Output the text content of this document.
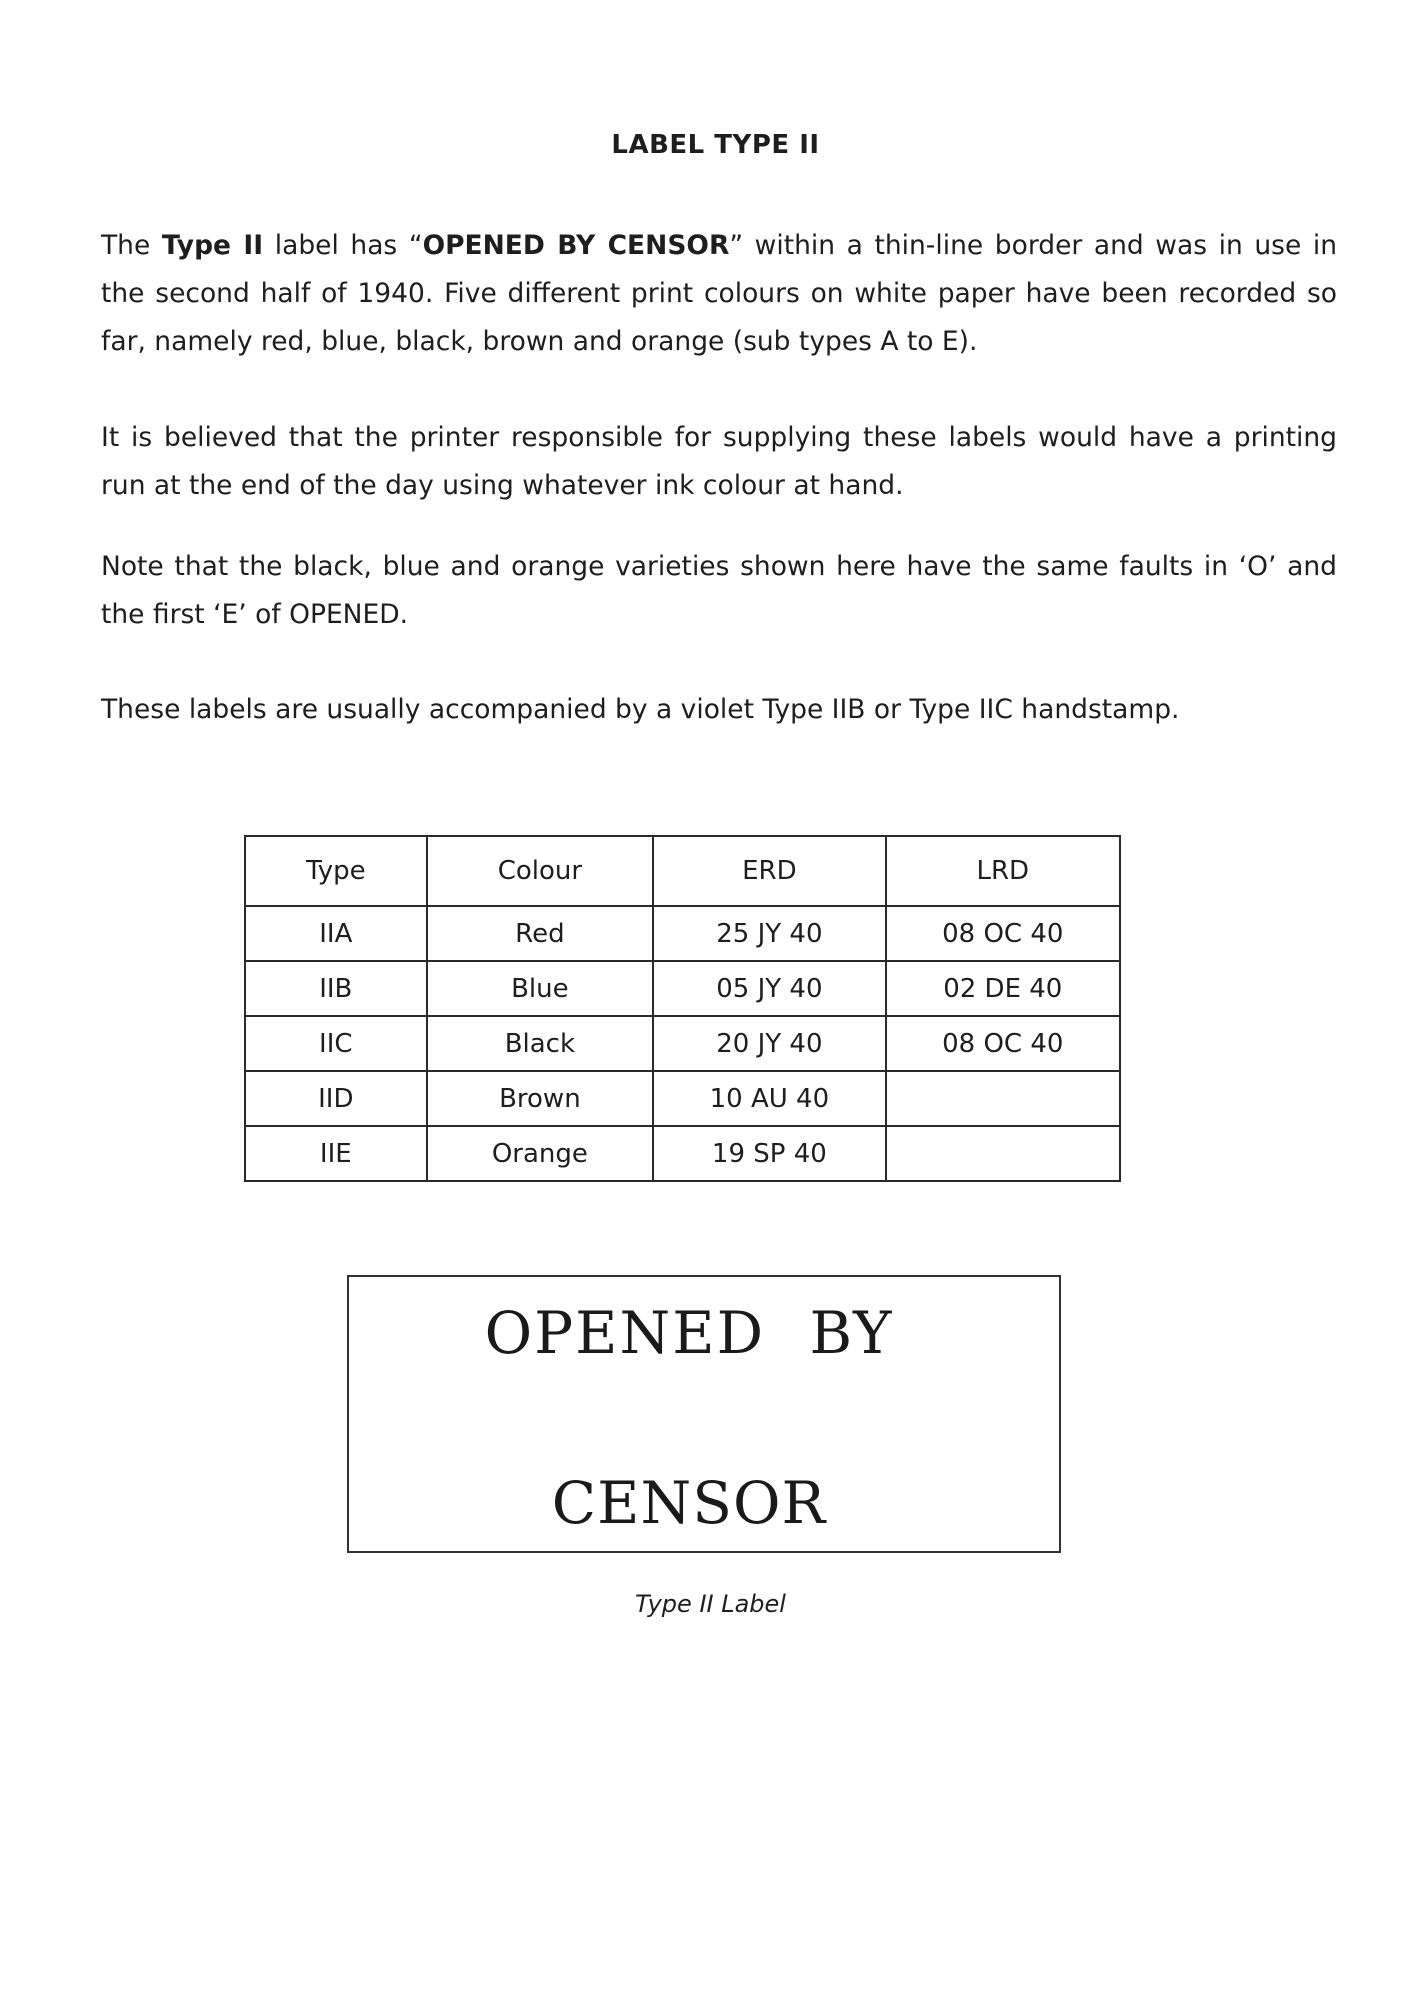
LABEL TYPE II

The Type II label has “OPENED BY CENSOR” within a thin-line border and was in use in the second half of 1940. Five different print colours on white paper have been recorded so far, namely red, blue, black, brown and orange (sub types A to E).

It is believed that the printer responsible for supplying these labels would have a printing run at the end of the day using whatever ink colour at hand.

Note that the black, blue and orange varieties shown here have the same faults in ‘O’ and the first ‘E’ of OPENED.

These labels are usually accompanied by a violet Type IIB or Type IIC handstamp.

Type	Colour	ERD	LRD
IIA	Red	25 JY 40	08 OC 40
IIB	Blue	05 JY 40	02 DE 40
IIC	Black	20 JY 40	08 OC 40
IID	Brown	10 AU 40	
IIE	Orange	19 SP 40	
OPENED BY
CENSOR
Type II Label
